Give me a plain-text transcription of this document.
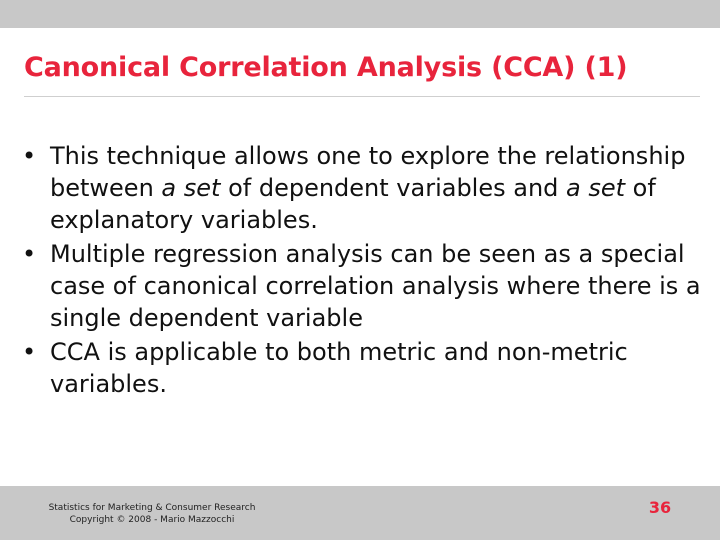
Canonical Correlation Analysis (CCA) (1)
• This technique allows one to explore the relationship between a set of dependent variables and a set of explanatory variables.
• Multiple regression analysis can be seen as a special case of canonical correlation analysis where there is a single dependent variable
• CCA is applicable to both metric and non-metric variables.
Statistics for Marketing & Consumer Research
Copyright © 2008 - Mario Mazzocchi
36
